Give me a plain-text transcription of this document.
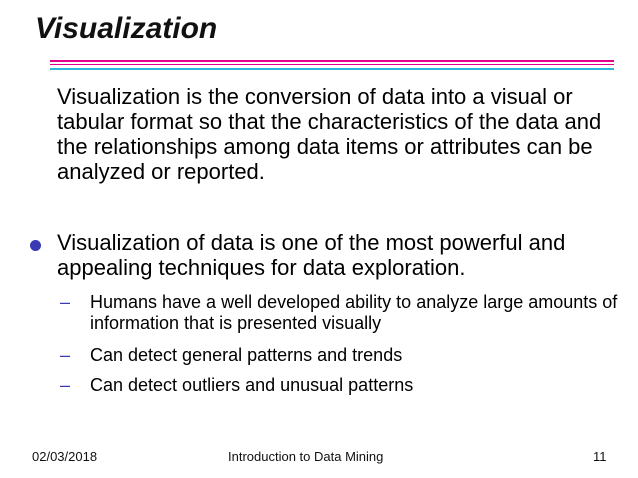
Visualization
Visualization is the conversion of data into a visual or tabular format so that the characteristics of the data and the relationships among data items or attributes can be analyzed or reported.
Visualization of data is one of the most powerful and appealing techniques for data exploration.
– Humans have a well developed ability to analyze large amounts of information that is presented visually
– Can detect general patterns and trends
– Can detect outliers and unusual patterns
02/03/2018	Introduction to Data Mining	11
